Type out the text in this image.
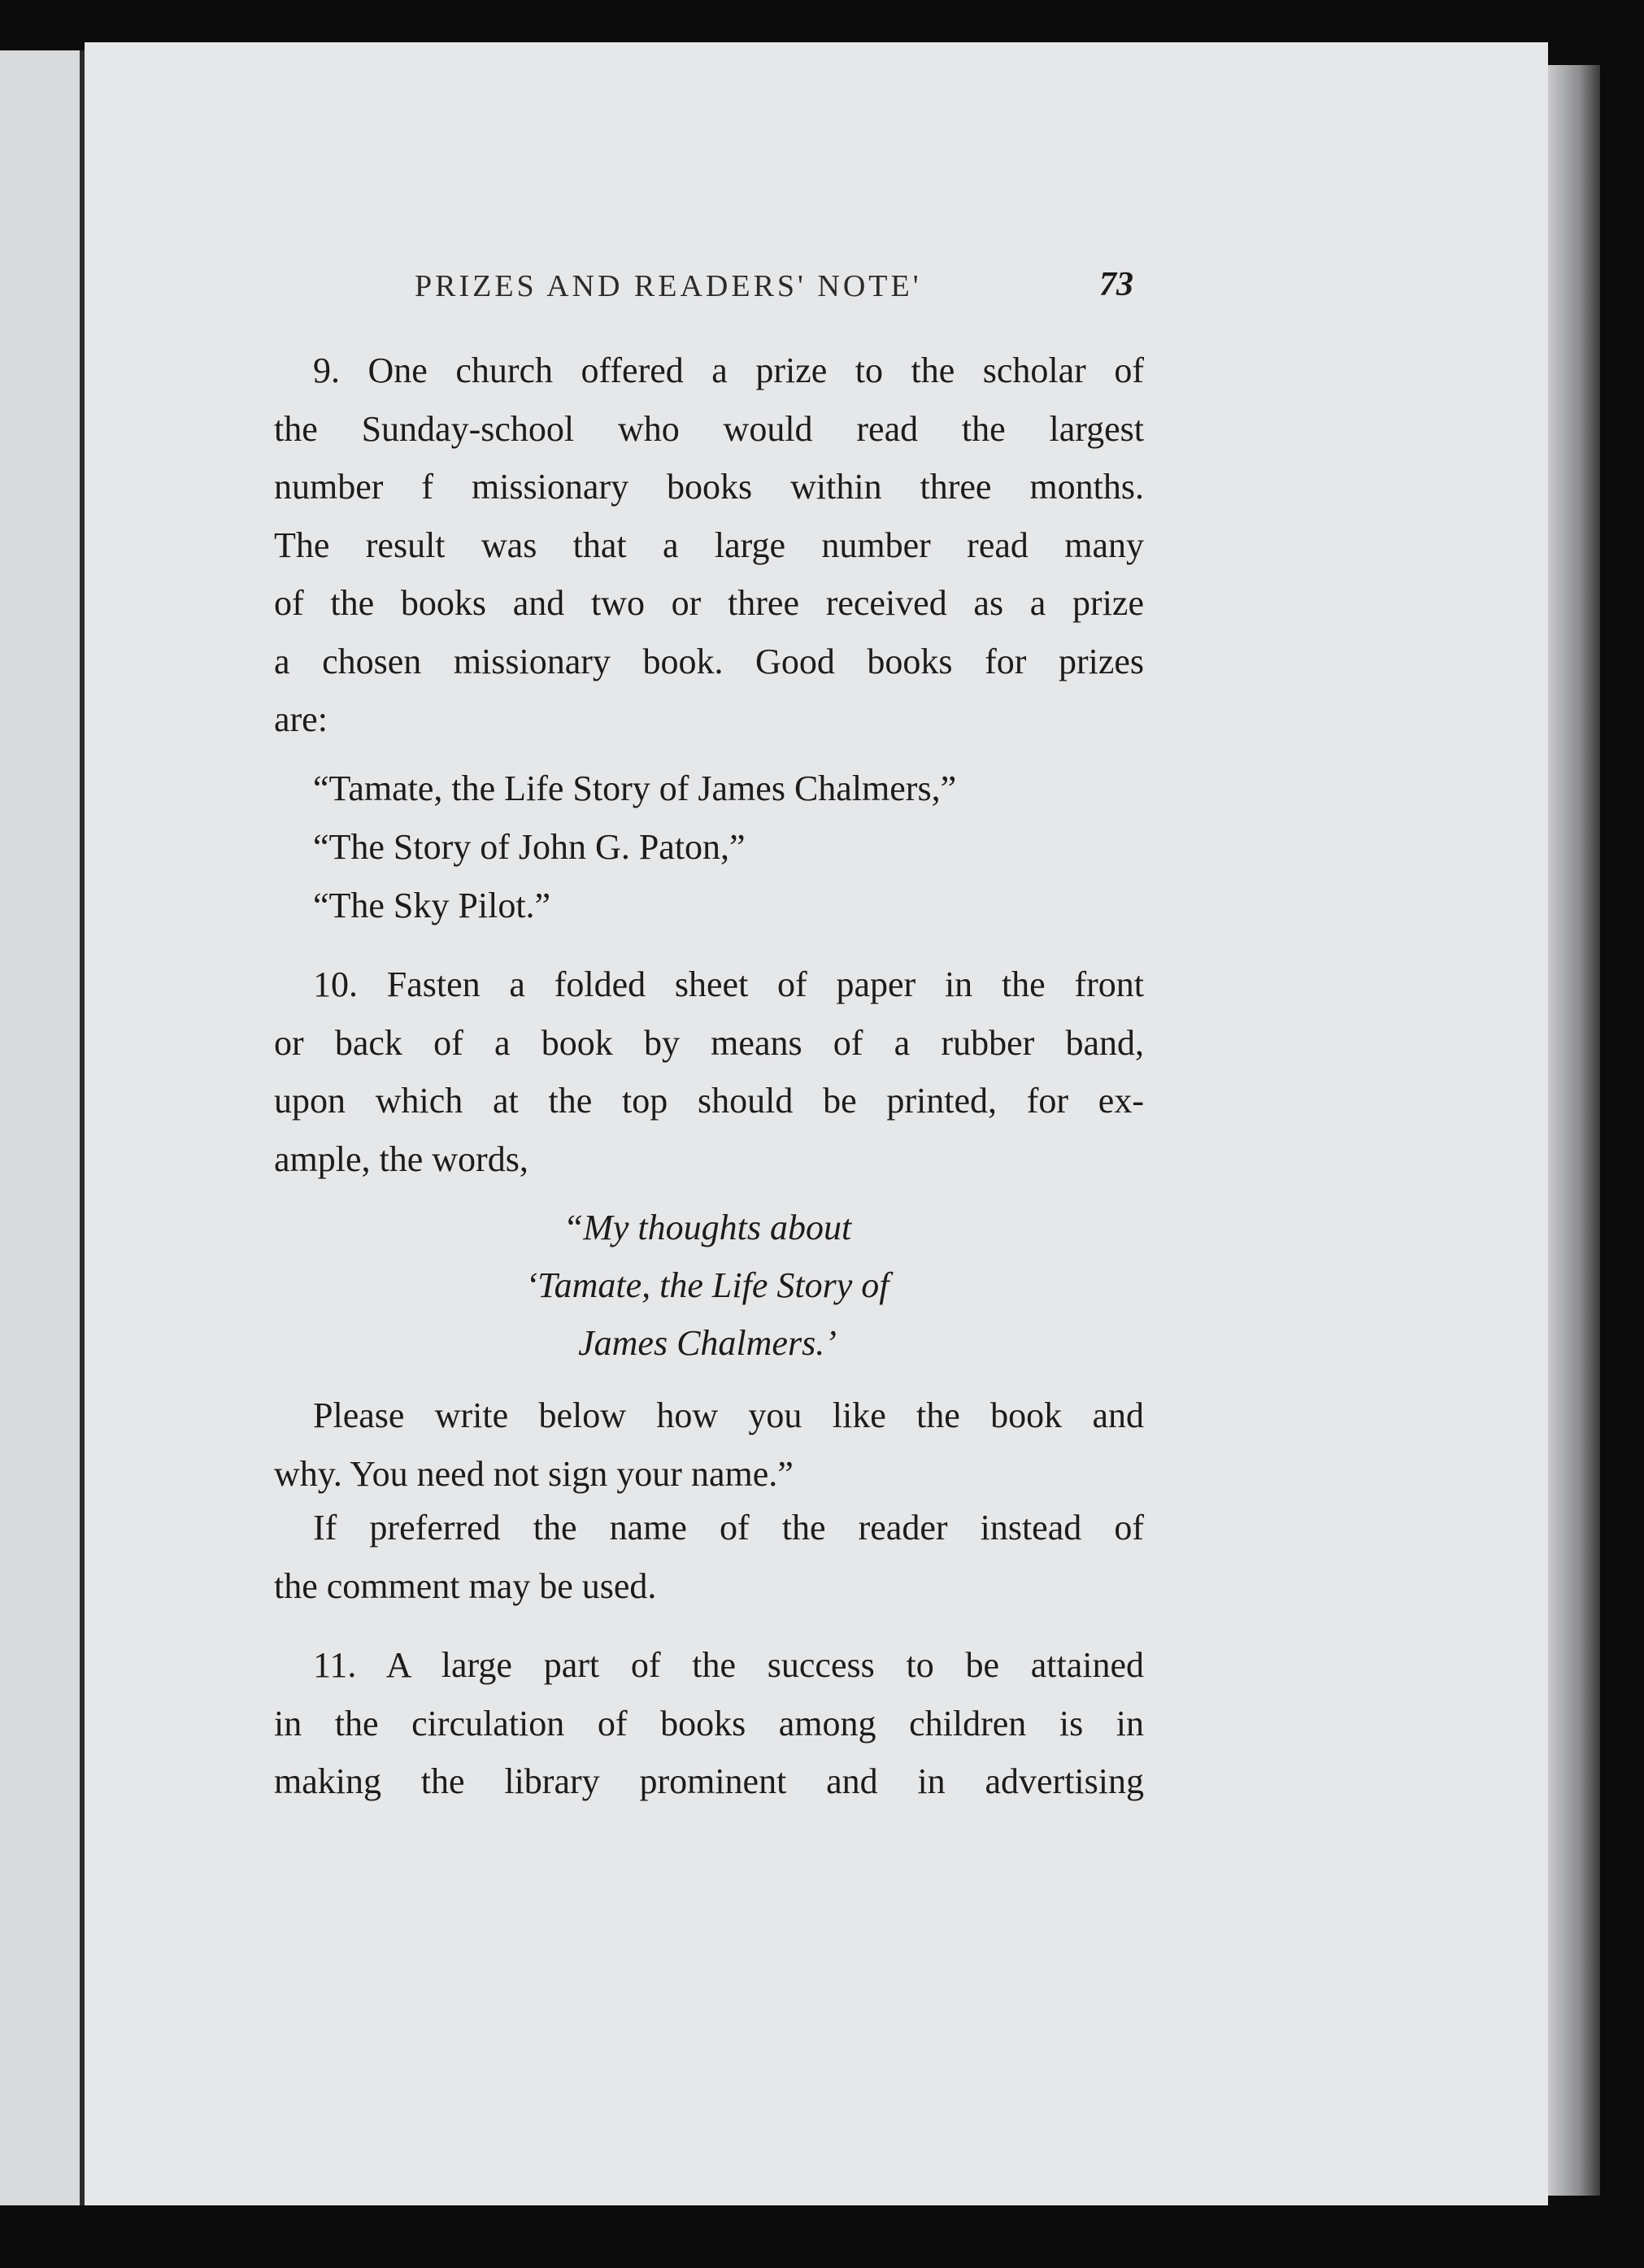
PRIZES AND READERS' NOTE'	73
9. One church offered a prize to the scholar of
the Sunday-school who would read the largest
number f missionary books within three months.
The result was that a large number read many
of the books and two or three received as a prize
a chosen missionary book. Good books for prizes
are:
“Tamate, the Life Story of James Chalmers,”
“The Story of John G. Paton,”
“The Sky Pilot.”
10. Fasten a folded sheet of paper in the front
or back of a book by means of a rubber band,
upon which at the top should be printed, for ex-
ample, the words,
“My thoughts about
‘Tamate, the Life Story of
James Chalmers.’
Please write below how you like the book and
why. You need not sign your name.”
If preferred the name of the reader instead of
the comment may be used.
11. A large part of the success to be attained
in the circulation of books among children is in
making the library prominent and in advertising
